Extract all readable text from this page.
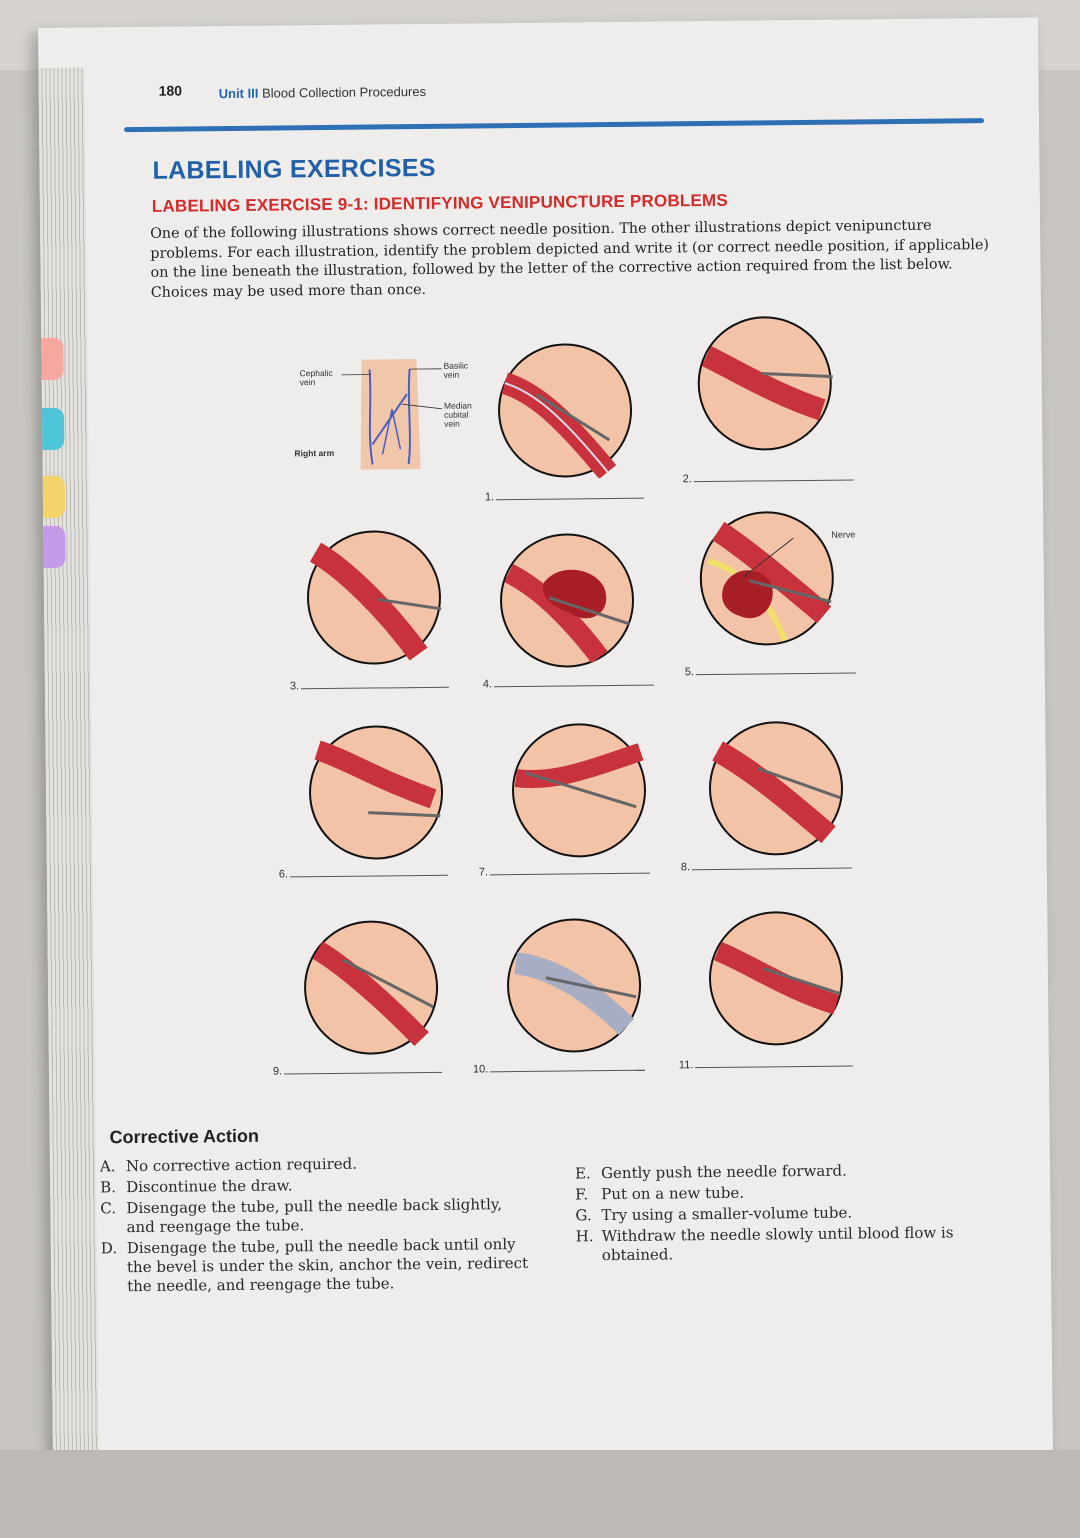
180	Unit III Blood Collection Procedures
LABELING EXERCISES
LABELING EXERCISE 9-1: IDENTIFYING VENIPUNCTURE PROBLEMS
One of the following illustrations shows correct needle position. The other illustrations depict venipuncture problems. For each illustration, identify the problem depicted and write it (or correct needle position, if applicable) on the line beneath the illustration, followed by the letter of the corrective action required from the list below. Choices may be used more than once.
Cephalic vein
Basilic vein
Median cubital vein
Right arm
Nerve
1.
2.
3.	4.
5.
6.	7.	8.
9.	10.	11.
Corrective Action
A. No corrective action required.
B. Discontinue the draw.
C. Disengage the tube, pull the needle back slightly, and reengage the tube.
D. Disengage the tube, pull the needle back until only the bevel is under the skin, anchor the vein, redirect the needle, and reengage the tube.
E. Gently push the needle forward.
F. Put on a new tube.
G. Try using a smaller-volume tube.
H. Withdraw the needle slowly until blood flow is obtained.
